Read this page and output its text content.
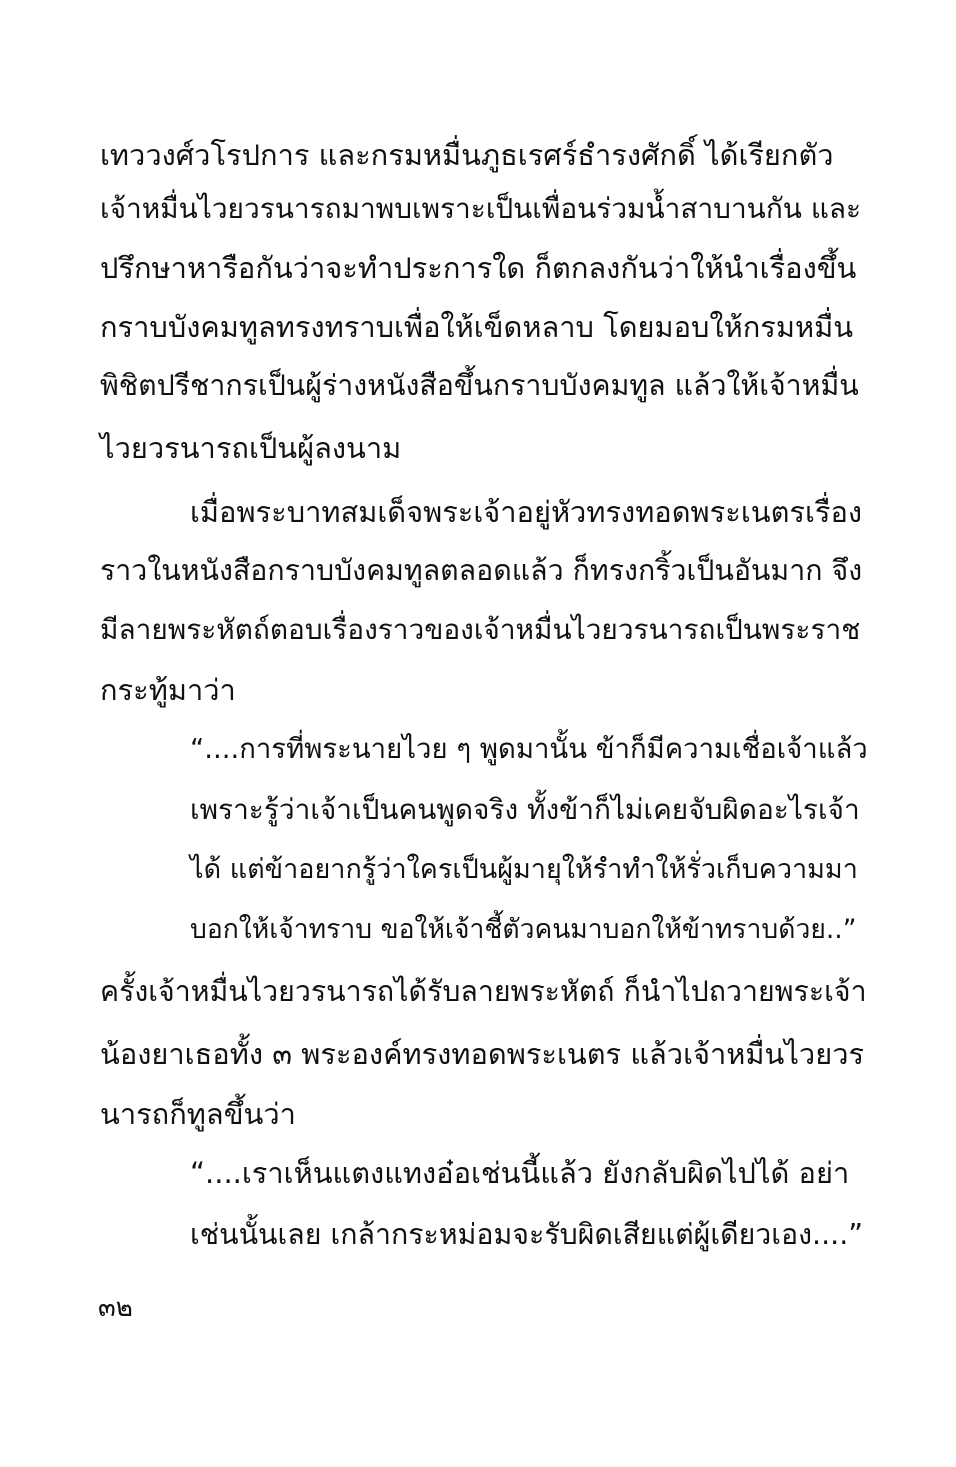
เทววงศ์วโรปการ และกรมหมื่นภูธเรศร์ธำรงศักดิ์ ได้เรียกตัว
เจ้าหมื่นไวยวรนารถมาพบเพราะเป็นเพื่อนร่วมน้ำสาบานกัน และ
ปรึกษาหารือกันว่าจะทำประการใด ก็ตกลงกันว่าให้นำเรื่องขึ้น
กราบบังคมทูลทรงทราบเพื่อให้เข็ดหลาบ โดยมอบให้กรมหมื่น
พิชิตปรีชากรเป็นผู้ร่างหนังสือขึ้นกราบบังคมทูล แล้วให้เจ้าหมื่น
ไวยวรนารถเป็นผู้ลงนาม
เมื่อพระบาทสมเด็จพระเจ้าอยู่หัวทรงทอดพระเนตรเรื่อง
ราวในหนังสือกราบบังคมทูลตลอดแล้ว ก็ทรงกริ้วเป็นอันมาก จึง
มีลายพระหัตถ์ตอบเรื่องราวของเจ้าหมื่นไวยวรนารถเป็นพระราช
กระทู้มาว่า
“....การที่พระนายไวย ๆ พูดมานั้น ข้าก็มีความเชื่อเจ้าแล้ว
เพราะรู้ว่าเจ้าเป็นคนพูดจริง ทั้งข้าก็ไม่เคยจับผิดอะไรเจ้า
ได้ แต่ข้าอยากรู้ว่าใครเป็นผู้มายุให้รำทำให้รั่วเก็บความมา
บอกให้เจ้าทราบ ขอให้เจ้าชี้ตัวคนมาบอกให้ข้าทราบด้วย..”
ครั้งเจ้าหมื่นไวยวรนารถได้รับลายพระหัตถ์ ก็นำไปถวายพระเจ้า
น้องยาเธอทั้ง ๓ พระองค์ทรงทอดพระเนตร แล้วเจ้าหมื่นไวยวร
นารถก็ทูลขึ้นว่า
“....เราเห็นแตงแทงอ๋อเช่นนี้แล้ว ยังกลับผิดไปได้ อย่า
เช่นนั้นเลย เกล้ากระหม่อมจะรับผิดเสียแต่ผู้เดียวเอง....”
๓๒
